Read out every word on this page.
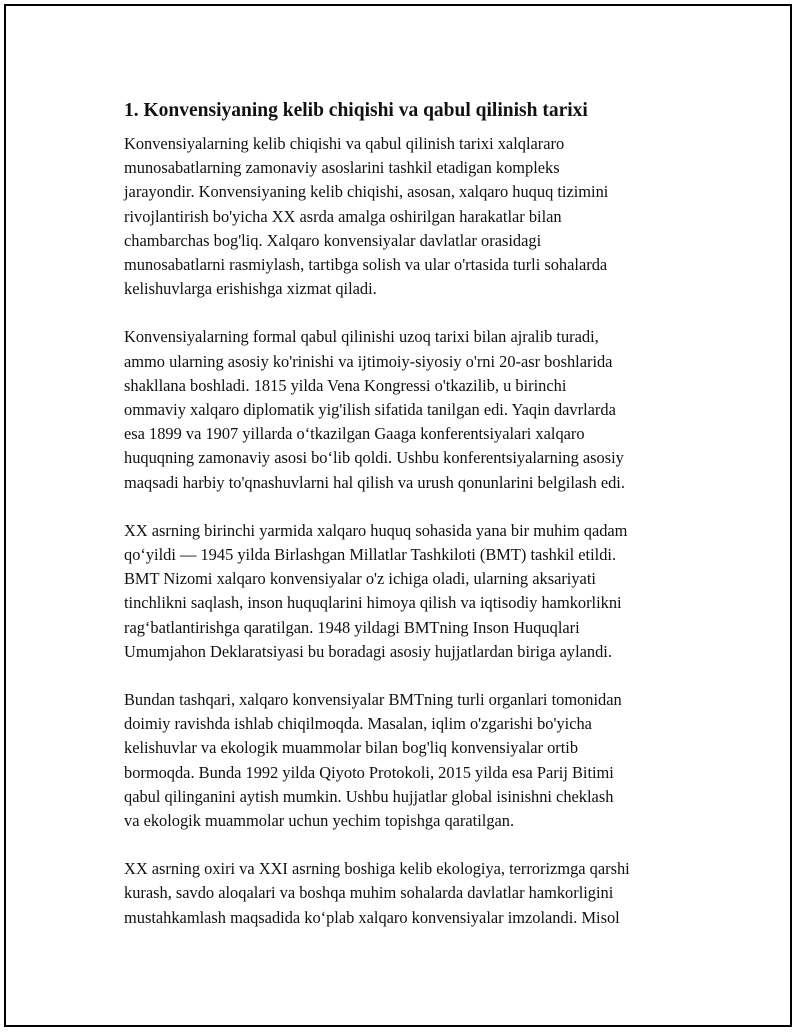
1. Konvensiyaning kelib chiqishi va qabul qilinish tarixi

Konvensiyalarning kelib chiqishi va qabul qilinish tarixi xalqlararo
munosabatlarning zamonaviy asoslarini tashkil etadigan kompleks
jarayondir. Konvensiyaning kelib chiqishi, asosan, xalqaro huquq tizimini
rivojlantirish bo'yicha XX asrda amalga oshirilgan harakatlar bilan
chambarchas bog'liq. Xalqaro konvensiyalar davlatlar orasidagi
munosabatlarni rasmiylash, tartibga solish va ular o'rtasida turli sohalarda
kelishuvlarga erishishga xizmat qiladi.

Konvensiyalarning formal qabul qilinishi uzoq tarixi bilan ajralib turadi,
ammo ularning asosiy ko'rinishi va ijtimoiy-siyosiy o'rni 20-asr boshlarida
shakllana boshladi. 1815 yilda Vena Kongressi o'tkazilib, u birinchi
ommaviy xalqaro diplomatik yig'ilish sifatida tanilgan edi. Yaqin davrlarda
esa 1899 va 1907 yillarda o‘tkazilgan Gaaga konferentsiyalari xalqaro
huquqning zamonaviy asosi bo‘lib qoldi. Ushbu konferentsiyalarning asosiy
maqsadi harbiy to'qnashuvlarni hal qilish va urush qonunlarini belgilash edi.

XX asrning birinchi yarmida xalqaro huquq sohasida yana bir muhim qadam
qo‘yildi — 1945 yilda Birlashgan Millatlar Tashkiloti (BMT) tashkil etildi.
BMT Nizomi xalqaro konvensiyalar o'z ichiga oladi, ularning aksariyati
tinchlikni saqlash, inson huquqlarini himoya qilish va iqtisodiy hamkorlikni
rag‘batlantirishga qaratilgan. 1948 yildagi BMTning Inson Huquqlari
Umumjahon Deklaratsiyasi bu boradagi asosiy hujjatlardan biriga aylandi.

Bundan tashqari, xalqaro konvensiyalar BMTning turli organlari tomonidan
doimiy ravishda ishlab chiqilmoqda. Masalan, iqlim o'zgarishi bo'yicha
kelishuvlar va ekologik muammolar bilan bog'liq konvensiyalar ortib
bormoqda. Bunda 1992 yilda Qiyoto Protokoli, 2015 yilda esa Parij Bitimi
qabul qilinganini aytish mumkin. Ushbu hujjatlar global isinishni cheklash
va ekologik muammolar uchun yechim topishga qaratilgan.

XX asrning oxiri va XXI asrning boshiga kelib ekologiya, terrorizmga qarshi
kurash, savdo aloqalari va boshqa muhim sohalarda davlatlar hamkorligini
mustahkamlash maqsadida ko‘plab xalqaro konvensiyalar imzolandi. Misol
